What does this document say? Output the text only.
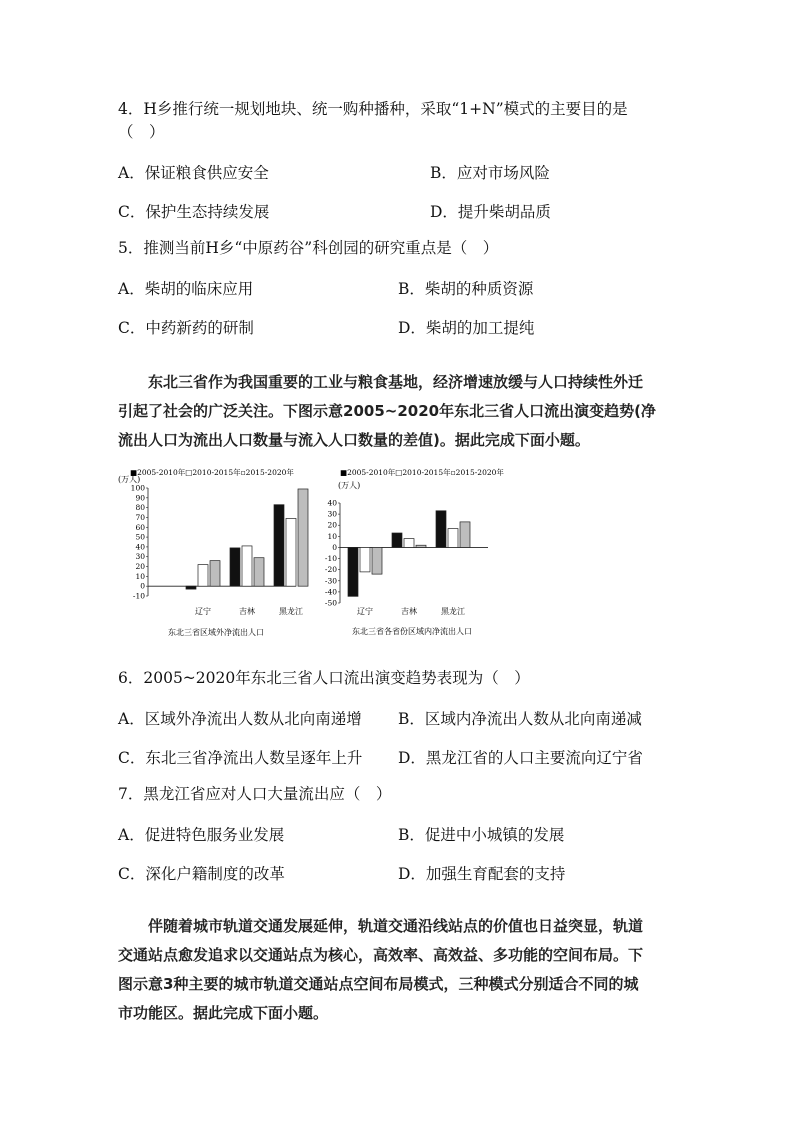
4．H乡推行统一规划地块、统一购种播种，采取“1+N”模式的主要目的是
（　）
A．保证粮食供应安全	B．应对市场风险
C．保护生态持续发展	D．提升柴胡品质
5．推测当前H乡“中原药谷”科创园的研究重点是（　）
A．柴胡的临床应用	B．柴胡的种质资源
C．中药新药的研制	D．柴胡的加工提纯

东北三省作为我国重要的工业与粮食基地，经济增速放缓与人口持续性外迁

引起了社会的广泛关注。下图示意2005~2020年东北三省人口流出演变趋势(净

流出人口为流出人口数量与流入人口数量的差值)。据此完成下面小题。

■2005-2010年□2010-2015年▫2015-2020年
(万人)
100
90
80
70
60
50
40
30
20
10
0
-10
辽宁	吉林	黑龙江
东北三省区域外净流出人口
■2005-2010年□2010-2015年▫2015-2020年
(万人)
40
30
20
10
0
-10
-20
-30
-40
-50
辽宁	吉林	黑龙江
东北三省各省份区域内净流出人口
6．2005~2020年东北三省人口流出演变趋势表现为（　）
A．区域外净流出人数从北向南递增 B．区域内净流出人数从北向南递减
C．东北三省净流出人数呈逐年上升 D．黑龙江省的人口主要流向辽宁省
7．黑龙江省应对人口大量流出应（　）
A．促进特色服务业发展	B．促进中小城镇的发展
C．深化户籍制度的改革	D．加强生育配套的支持

伴随着城市轨道交通发展延伸，轨道交通沿线站点的价值也日益突显，轨道

交通站点愈发追求以交通站点为核心，高效率、高效益、多功能的空间布局。下

图示意3种主要的城市轨道交通站点空间布局模式，三种模式分别适合不同的城

市功能区。据此完成下面小题。
